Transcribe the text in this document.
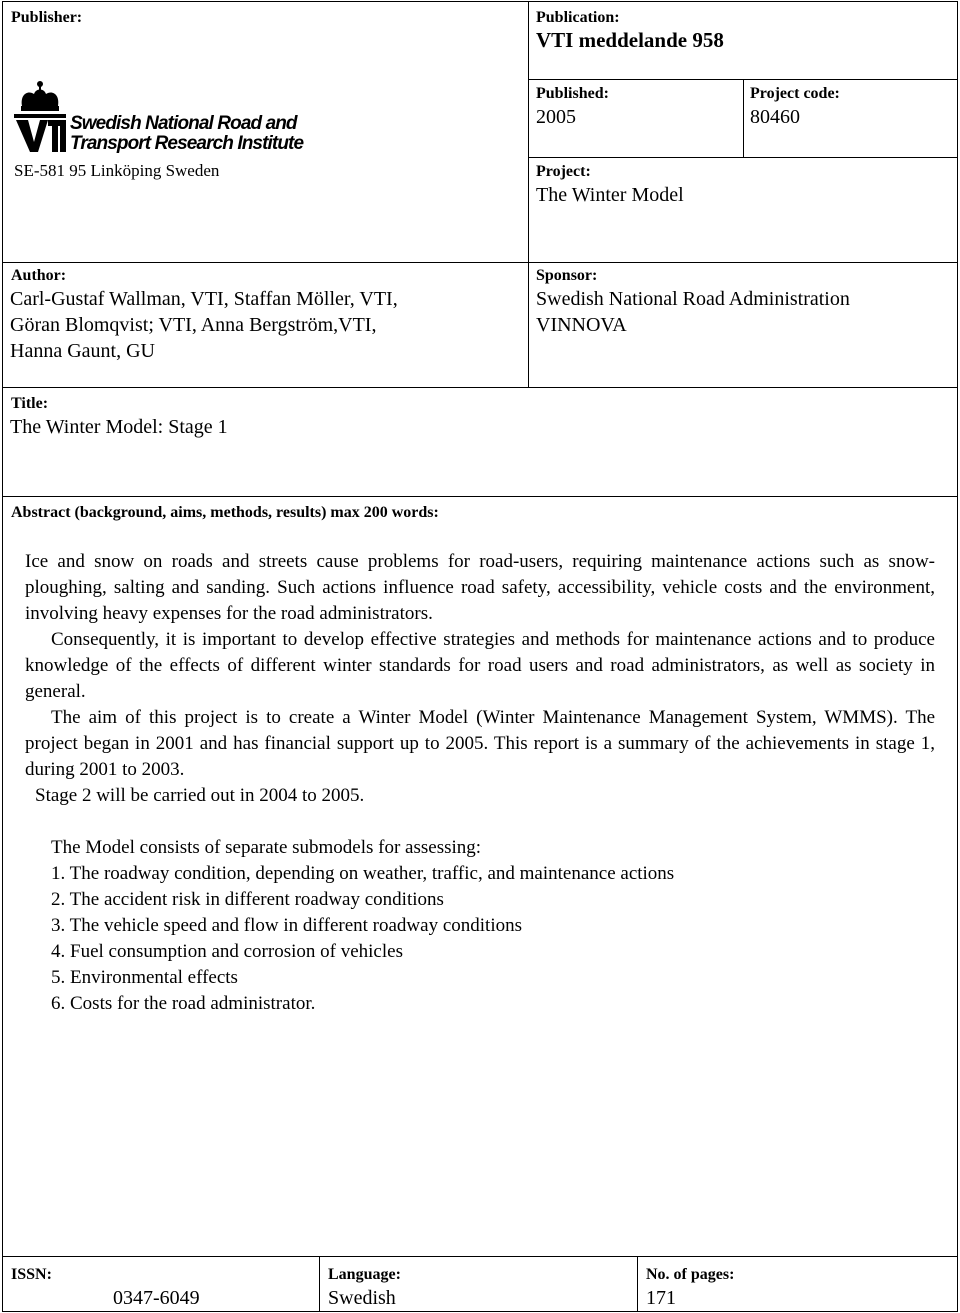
Publisher:
Swedish National Road and
Transport Research Institute
SE-581 95 Linköping Sweden
Publication:
VTI meddelande 958
Published:
2005
Project code:
80460
Project:
The Winter Model
Author:
Carl-Gustaf Wallman, VTI, Staffan Möller, VTI,
Göran Blomqvist; VTI, Anna Bergström,VTI,
Hanna Gaunt, GU
Sponsor:
Swedish National Road Administration
VINNOVA
Title:
The Winter Model: Stage 1
Abstract (background, aims, methods, results) max 200 words:

Ice and snow on roads and streets cause problems for road-users, requiring maintenance actions such as snow-ploughing, salting and sanding. Such actions influence road safety, accessibility, vehicle costs and the environment, involving heavy expenses for the road administrators.

Consequently, it is important to develop effective strategies and methods for maintenance actions and to produce knowledge of the effects of different winter standards for road users and road administrators, as well as society in general.

The aim of this project is to create a Winter Model (Winter Maintenance Management System, WMMS). The project began in 2001 and has financial support up to 2005. This report is a summary of the achievements in stage 1, during 2001 to 2003.

Stage 2 will be carried out in 2004 to 2005.

The Model consists of separate submodels for assessing:

1. The roadway condition, depending on weather, traffic, and maintenance actions

2. The accident risk in different roadway conditions

3. The vehicle speed and flow in different roadway conditions

4. Fuel consumption and corrosion of vehicles

5. Environmental effects

6. Costs for the road administrator.

ISSN:
0347-6049
Language:
Swedish
No. of pages:
171
